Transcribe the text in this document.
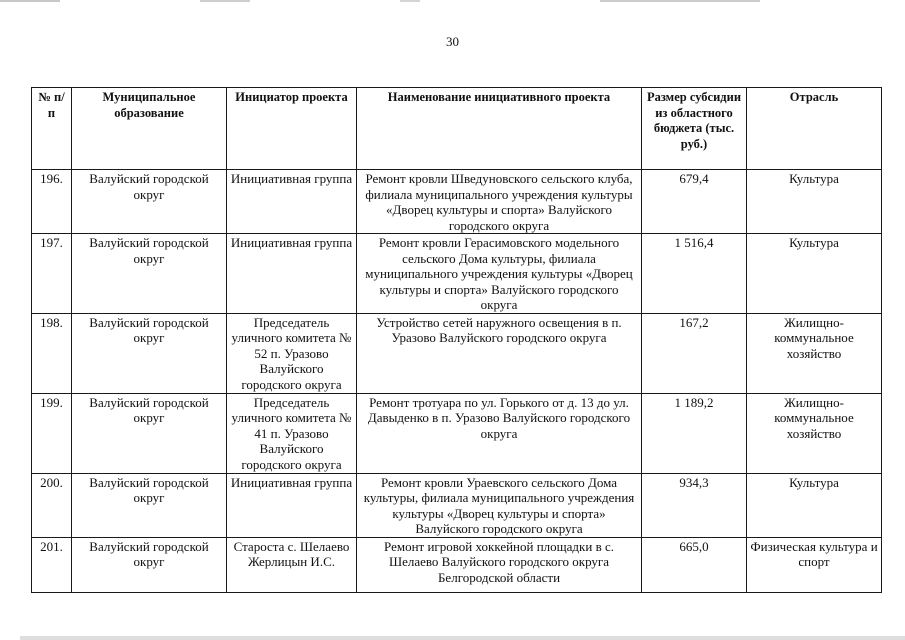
30
№ п/п	Муниципальное образование	Инициатор проекта	Наименование инициативного проекта	Размер субсидии из областного бюджета (тыс. руб.)	Отрасль
196.	Валуйский городской округ	Инициативная группа	Ремонт кровли Шведуновского сельского клуба, филиала муниципального учреждения культуры «Дворец культуры и спорта» Валуйского городского округа	679,4	Культура
197.	Валуйский городской округ	Инициативная группа	Ремонт кровли Герасимовского модельного сельского Дома культуры, филиала муниципального учреждения культуры «Дворец культуры и спорта» Валуйского городского округа	1 516,4	Культура
198.	Валуйский городской округ	Председатель уличного комитета № 52 п. Уразово Валуйского городского округа	Устройство сетей наружного освещения в п. Уразово Валуйского городского округа	167,2	Жилищно-коммунальное хозяйство
199.	Валуйский городской округ	Председатель уличного комитета № 41 п. Уразово Валуйского городского округа	Ремонт тротуара по ул. Горького от д. 13 до ул. Давыденко в п. Уразово Валуйского городского округа	1 189,2	Жилищно-коммунальное хозяйство
200.	Валуйский городской округ	Инициативная группа	Ремонт кровли Ураевского сельского Дома культуры, филиала муниципального учреждения культуры «Дворец культуры и спорта» Валуйского городского округа	934,3	Культура
201.	Валуйский городской округ	Староста с. Шелаево Жерлицын И.С.	Ремонт игровой хоккейной площадки в с. Шелаево Валуйского городского округа Белгородской области	665,0	Физическая культура и спорт
